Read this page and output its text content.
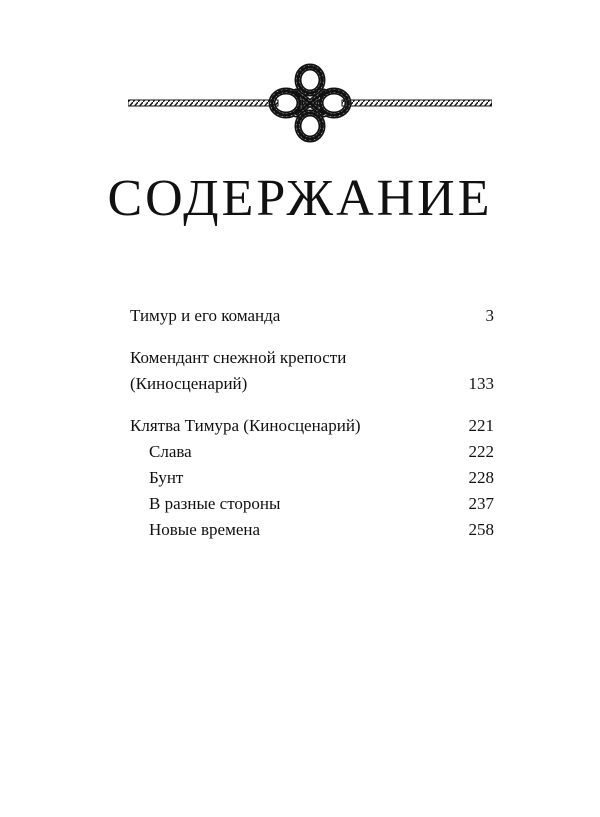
СОДЕРЖАНИЕ
Тимур и его команда	3
Комендант снежной крепости
(Киносценарий)	133
Клятва Тимура (Киносценарий)	221
Слава	222
Бунт	228
В разные стороны	237
Новые времена	258
